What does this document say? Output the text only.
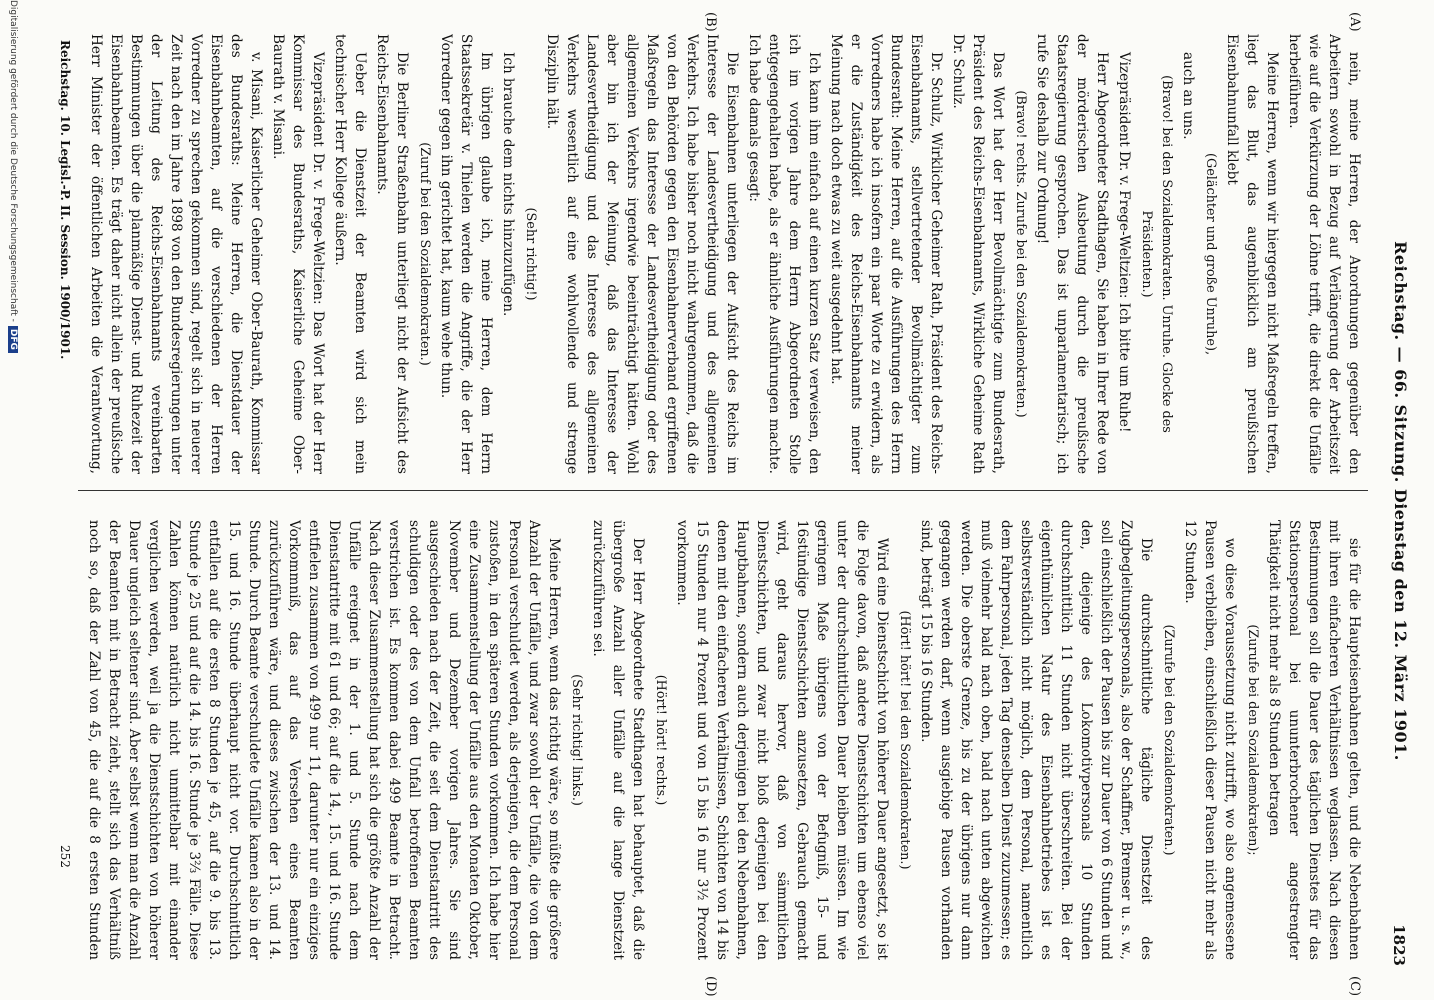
Reichstag. — 66. Sitzung. Dienstag den 12. März 1901.
1823
(A)
(B)
(C)
(D)

nein, meine Herren, der Anordnungen gegenüber den Arbeitern sowohl in Bezug auf Verlängerung der Arbeitszeit wie auf die Verkürzung der Löhne trifft, die direkt die Unfälle herbeiführen.

Meine Herren, wenn wir hiergegen nicht Maßregeln treffen, liegt das Blut, das augenblicklich am preußischen Eisenbahnunfall klebt

(Gelächter und große Unruhe),

auch an uns.

(Bravo! bei den Sozialdemokraten. Unruhe. Glocke des Präsidenten.)

Vizepräsident Dr. v. Frege-Weltzien: Ich bitte um Ruhe!

Herr Abgeordneter Stadthagen, Sie haben in Ihrer Rede von der mörderischen Ausbeutung durch die preußische Staatsregierung gesprochen. Das ist unparlamentarisch; ich rufe Sie deshalb zur Ordnung!

(Bravo! rechts. Zurufe bei den Sozialdemokraten.)

Das Wort hat der Herr Bevollmächtigte zum Bundesrath, Präsident des Reichs-Eisenbahnamts, Wirkliche Geheime Rath Dr. Schulz.

Dr. Schulz, Wirklicher Geheimer Rath, Präsident des Reichs-Eisenbahnamts, stellvertretender Bevollmächtigter zum Bundesrath: Meine Herren, auf die Ausführungen des Herrn Vorredners habe ich insofern ein paar Worte zu erwidern, als er die Zuständigkeit des Reichs-Eisenbahnamts meiner Meinung nach doch etwas zu weit ausgedehnt hat.

Ich kann ihm einfach auf einen kurzen Satz verweisen, den ich im vorigen Jahre dem Herrn Abgeordneten Stolle entgegengehalten habe, als er ähnliche Ausführungen machte. Ich habe damals gesagt:

Die Eisenbahnen unterliegen der Aufsicht des Reichs im Interesse der Landesvertheidigung und des allgemeinen Verkehrs. Ich habe bisher noch nicht wahrgenommen, daß die von den Behörden gegen den Eisenbahnerverband ergriffenen Maßregeln das Interesse der Landesvertheidigung oder des allgemeinen Verkehrs irgendwie beeinträchtigt hätten. Wohl aber bin ich der Meinung, daß das Interesse der Landesvertheidigung und das Interesse des allgemeinen Verkehrs wesentlich auf eine wohlwollende und strenge Disziplin hält.

(Sehr richtig!)

Ich brauche dem nichts hinzuzufügen.

Im übrigen glaube ich, meine Herren, dem Herrn Staatssekretär v. Thielen werden die Angriffe, die der Herr Vorredner gegen ihn gerichtet hat, kaum wehe thun.

(Zuruf bei den Sozialdemokraten.)

Die Berliner Straßenbahn unterliegt nicht der Aufsicht des Reichs-Eisenbahnamts.

Ueber die Dienstzeit der Beamten wird sich mein technischer Herr Kollege äußern.

Vizepräsident Dr. v. Frege-Weltzien: Das Wort hat der Herr Kommissar des Bundesraths, Kaiserliche Geheime Ober-Baurath v. Misani.

v. Misani, Kaiserlicher Geheimer Ober-Baurath, Kommissar des Bundesraths: Meine Herren, die Dienstdauer der Eisenbahnbeamten, auf die verschiedenen der Herren Vorredner zu sprechen gekommen sind, regelt sich in neuerer Zeit nach den im Jahre 1898 von den Bundesregierungen unter der Leitung des Reichs-Eisenbahnamts vereinbarten Bestimmungen über die planmäßige Dienst- und Ruhezeit der Eisenbahnbeamten. Es trägt daher nicht allein der preußische Herr Minister der öffentlichen Arbeiten die Verantwortung,

sie für die Haupteisenbahnen gelten, und die Nebenbahnen mit ihren einfacheren Verhältnissen weglassen. Nach diesen Bestimmungen soll die Dauer des täglichen Dienstes für das Stationspersonal bei ununterbrochener angestrengter Thätigkeit nicht mehr als 8 Stunden betragen

(Zurufe bei den Sozialdemokraten);

wo diese Voraussetzung nicht zutrifft, wo also angemessene Pausen verbleiben, einschließlich dieser Pausen nicht mehr als 12 Stunden.

(Zurufe bei den Sozialdemokraten.)

Die durchschnittliche tägliche Dienstzeit des Zugbegleitungspersonals, also der Schaffner, Bremser u. s. w., soll einschließlich der Pausen bis zur Dauer von 6 Stunden und den, diejenige des Lokomotivpersonals 10 Stunden durchschnittlich 11 Stunden nicht überschreiten. Bei der eigenthümlichen Natur des Eisenbahnbetriebes ist es selbstverständlich nicht möglich, dem Personal, namentlich dem Fahrpersonal, jeden Tag denselben Dienst zuzumessen; es muß vielmehr bald nach oben, bald nach unten abgewichen werden. Die oberste Grenze, bis zu der übrigens nur dann gegangen werden darf, wenn ausgiebige Pausen vorhanden sind, beträgt 15 bis 16 Stunden.

(Hört! hört! bei den Sozialdemokraten.)

Wird eine Dienstschicht von höherer Dauer angesetzt, so ist die Folge davon, daß andere Dienstschichten um ebenso viel unter der durchschnittlichen Dauer bleiben müssen. Im wie geringem Maße übrigens von der Befugniß, 15- und 16stündige Dienstschichten anzusetzen, Gebrauch gemacht wird, geht daraus hervor, daß von sämmtlichen Dienstschichten, und zwar nicht bloß derjenigen bei den Hauptbahnen, sondern auch derjenigen bei den Nebenbahnen, denen mit den einfacheren Verhältnissen, Schichten von 14 bis 15 Stunden nur 4 Prozent und von 15 bis 16 nur 3½ Prozent vorkommen.

(Hört! hört! rechts.)

Der Herr Abgeordnete Stadthagen hat behauptet, daß die übergroße Anzahl aller Unfälle auf die lange Dienstzeit zurückzuführen sei.

(Sehr richtig! links.)

Meine Herren, wenn das richtig wäre, so müßte die größere Anzahl der Unfälle, und zwar sowohl der Unfälle, die von dem Personal verschuldet werden, als derjenigen, die dem Personal zustoßen, in den späteren Stunden vorkommen. Ich habe hier eine Zusammenstellung der Unfälle aus den Monaten Oktober, November und Dezember vorigen Jahres. Sie sind ausgeschieden nach der Zeit, die seit dem Dienstantritt des schuldigen oder des von dem Unfall betroffenen Beamten verstrichen ist. Es kommen dabei 499 Beamte in Betracht. Nach dieser Zusammenstellung hat sich die größte Anzahl der Unfälle ereignet in der 1. und 5. Stunde nach dem Dienstantritte mit 61 und 66; auf die 14., 15. und 16. Stunde entfielen zusammen von 499 nur 11, darunter nur ein einziges Vorkommniß, das auf das Versehen eines Beamten zurückzuführen wäre, und dieses zwischen der 13. und 14. Stunde. Durch Beamte verschuldete Unfälle kamen also in der 15. und 16. Stunde überhaupt nicht vor. Durchschnittlich entfallen auf die ersten 8 Stunden je 45, auf die 9. bis 13. Stunde je 25 und auf die 14. bis 16. Stunde je 3⅔ Fälle. Diese Zahlen können natürlich nicht unmittelbar mit einander verglichen werden, weil ja die Dienstschichten von höherer Dauer ungleich seltener sind. Aber selbst wenn man die Anzahl der Beamten mit in Betracht zieht, stellt sich das Verhältniß noch so, daß der Zahl von 45, die auf die 8 ersten Stunden

Reichstag. 10. Legisl.-P. II. Session. 1900/1901.
252
Digitalisierung gefördert durch die Deutsche Forschungsgemeinschaft -DFG
